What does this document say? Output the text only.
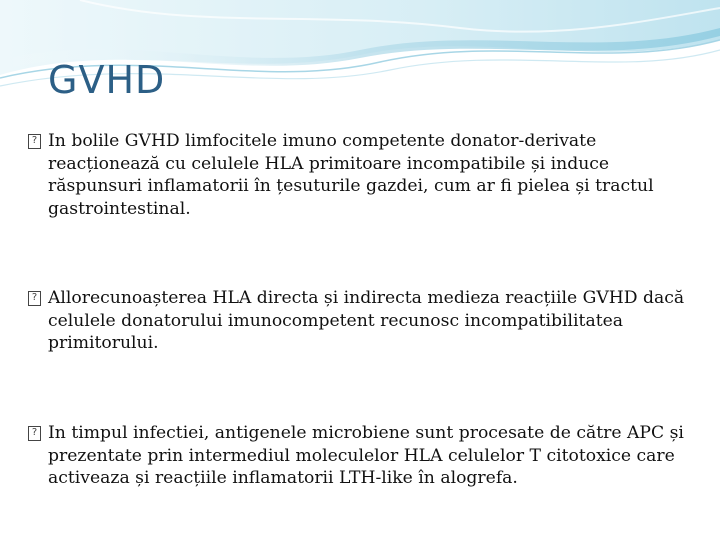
GVHD
? In bolile GVHD limfocitele imuno competente donator-derivate reacționează cu celulele HLA primitoare incompatibile și induce răspunsuri inflamatorii în țesuturile gazdei, cum ar fi pielea și tractul gastrointestinal.
? Allorecunoașterea HLA directa și indirecta medieza reacțiile GVHD dacă celulele donatorului imunocompetent recunosc incompatibilitatea primitorului.
? In timpul infectiei, antigenele microbiene sunt procesate de către APC și prezentate prin intermediul moleculelor HLA celulelor T citotoxice care activeaza și reacțiile inflamatorii LTH-like în alogrefa.
